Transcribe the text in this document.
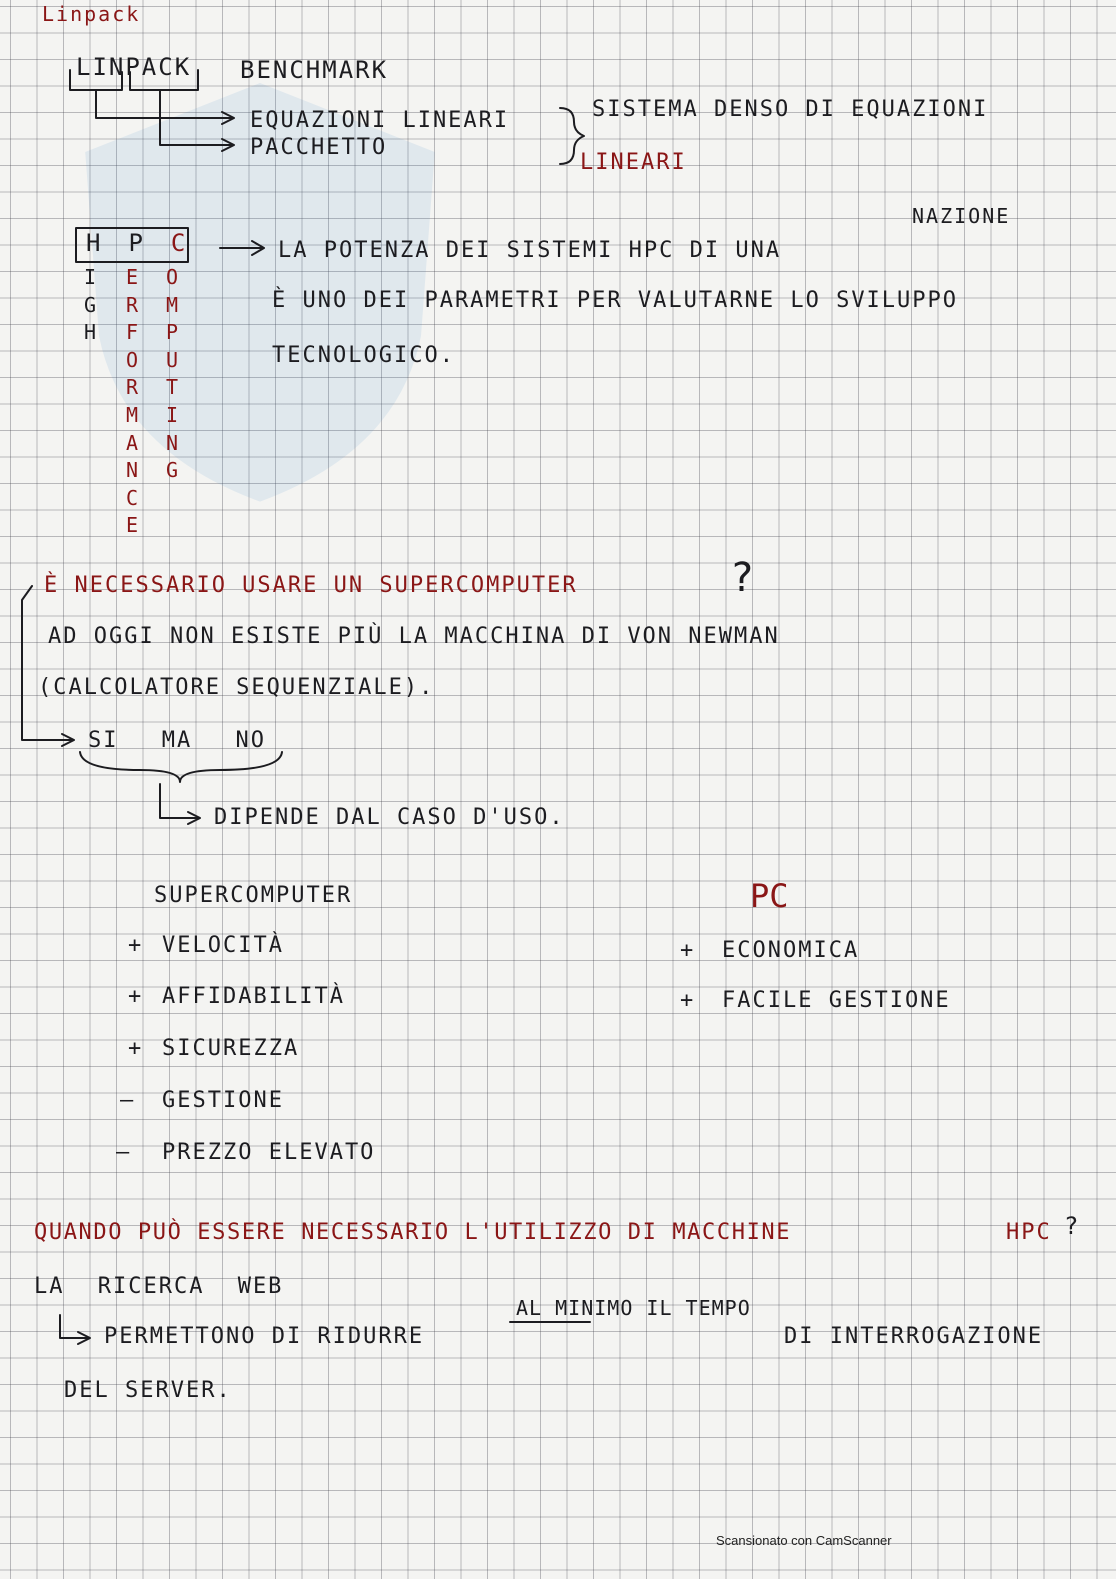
Linpack
LINPACK BENCHMARK
EQUAZIONI LINEARI
PACCHETTO
SISTEMA DENSO DI EQUAZIONI
LINEARI
H P C
I
G
H
E
R
F
O
R
M
A
N
C
E
O
M
P
U
T
I
N
G
NAZIONE
LA POTENZA DEI SISTEMI HPC DI UNA
È UNO DEI PARAMETRI PER VALUTARNE LO SVILUPPO
TECNOLOGICO.
È NECESSARIO USARE UN SUPERCOMPUTER	?
AD OGGI NON ESISTE PIÙ LA MACCHINA DI VON NEWMAN
(CALCOLATORE SEQUENZIALE).
SI MA NO
DIPENDE DAL CASO D'USO.
SUPERCOMPUTER	PC
+ VELOCITÀ
+ AFFIDABILITÀ
+ SICUREZZA
— GESTIONE
— PREZZO ELEVATO
+ ECONOMICA
+ FACILE GESTIONE
QUANDO PUÒ ESSERE NECESSARIO L'UTILIZZO DI MACCHINE	HPC ?
LA RICERCA WEB
AL MINIMO IL TEMPO
PERMETTONO DI RIDURRE	DI INTERROGAZIONE
DEL SERVER.
Scansionato con CamScanner
